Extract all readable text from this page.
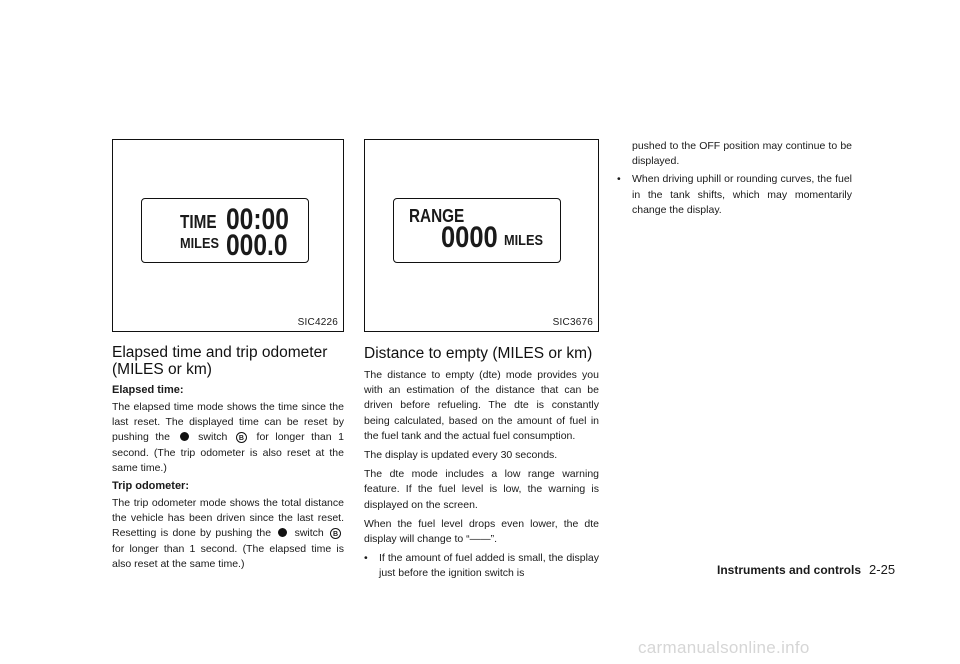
TIME 00:00
MILES 000.0
SIC4226
Elapsed time and trip odometer (MILES or km)
Elapsed time:

The elapsed time mode shows the time since the last reset. The displayed time can be reset by pushing the	switch B for longer than 1 second. (The trip odometer is also reset at the same time.)

Trip odometer:

The trip odometer mode shows the total distance the vehicle has been driven since the last reset. Resetting is done by pushing the switch B for longer than 1 second. (The elapsed time is also reset at the same time.)

RANGE
0000 MILES
SIC3676
Distance to empty (MILES or km)

The distance to empty (dte) mode provides you with an estimation of the distance that can be driven before refueling. The dte is constantly being calculated, based on the amount of fuel in the fuel tank and the actual fuel consumption.

The display is updated every 30 seconds.

The dte mode includes a low range warning feature. If the fuel level is low, the warning is displayed on the screen.

When the fuel level drops even lower, the dte display will change to “——”.

• If the amount of fuel added is small, the display just before the ignition switch is
pushed to the OFF position may continue to be displayed.
• When driving uphill or rounding curves, the fuel in the tank shifts, which may momentarily change the display.
Instruments and controls 2-25
carmanualsonline.info
